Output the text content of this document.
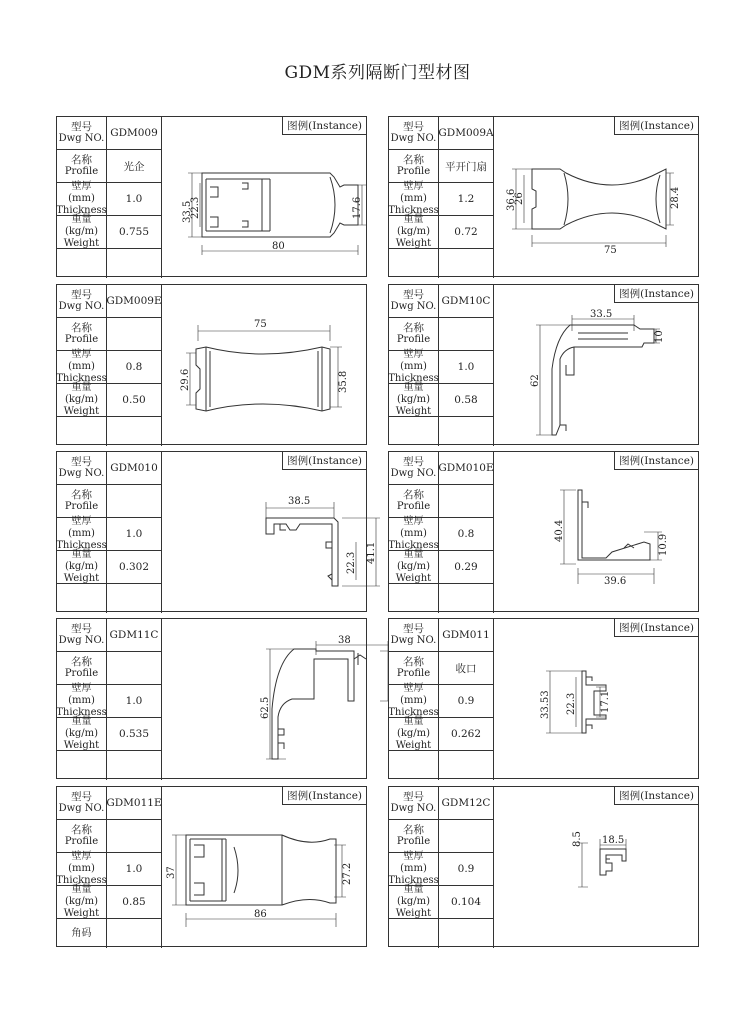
GDM系列隔断门型材图
型号
Dwg NO. GDM009
名称
Profile	光企
壁厚 (mm)
Thickness
1.0
重量(kg/m)
Weight
0.755
图例(Instance)
33.5
22.3	17.6
80
型号
Dwg NO. GDM009A
名称
Profile	平开门扇
壁厚 (mm)
Thickness
1.2
重量(kg/m)
Weight
0.72
图例(Instance)
36.6
26	28.4
75
型号
Dwg NO. GDM009E
名称
Profile
壁厚 (mm)
Thickness
0.8
重量(kg/m)
Weight
0.50
75
29.6	35.8
型号
Dwg NO. GDM10C
名称
Profile
壁厚 (mm)
Thickness
1.0
重量(kg/m)
Weight
0.58
图例(Instance)
33.5
10
62
型号
Dwg NO. GDM010
名称
Profile
壁厚 (mm)
Thickness
1.0
重量(kg/m)
Weight
0.302
图例(Instance)
38.5
22.3 41.1
型号
Dwg NO. GDM010E
名称
Profile
壁厚 (mm)
Thickness
0.8
重量(kg/m)
Weight
0.29
图例(Instance)
40.4
10.9
39.6
型号
Dwg NO. GDM11C
名称
Profile
壁厚 (mm)
Thickness
1.0
重量(kg/m)
Weight
0.535
38
62.5
型号
Dwg NO. GDM011
名称
Profile	收口
壁厚 (mm)
Thickness
0.9
重量(kg/m)
Weight
0.262
图例(Instance)
33.53 22.3 17.1
型号
Dwg NO. GDM011E
名称
Profile
壁厚 (mm)
Thickness
1.0
重量(kg/m)
Weight
0.85
角码
图例(Instance)
37	27.2
86
型号
Dwg NO. GDM12C
名称
Profile
壁厚 (mm)
Thickness
0.9
重量(kg/m)
Weight
0.104
图例(Instance)
8.5 18.5
